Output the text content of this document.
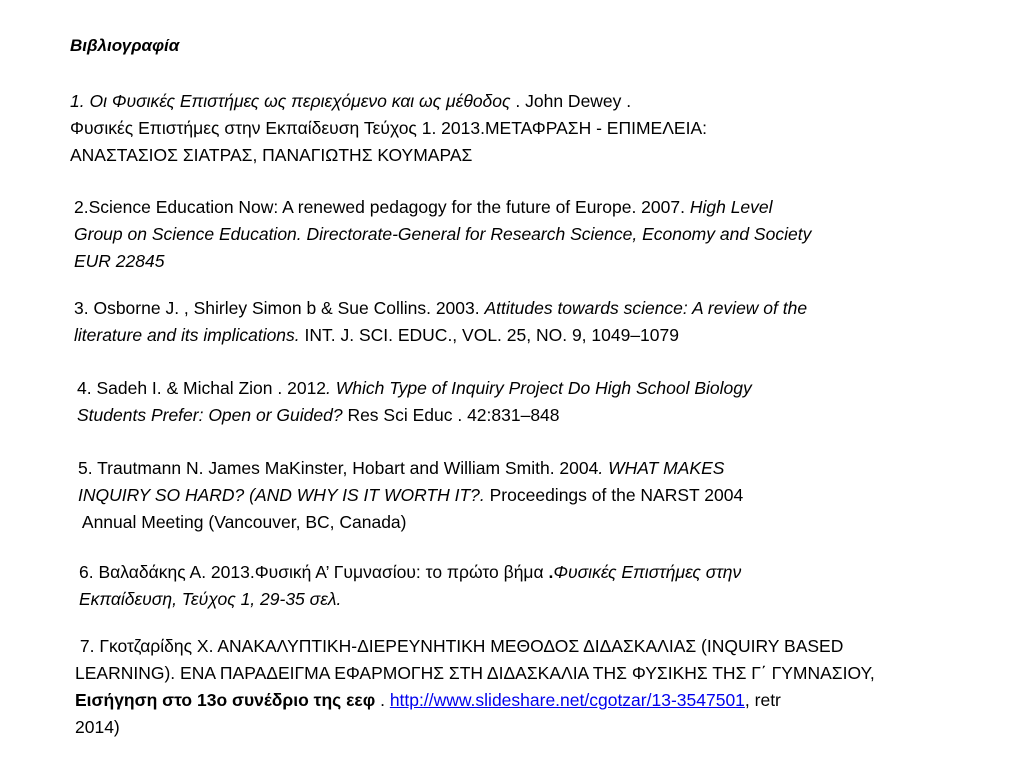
Βιβλιογραφία
1. Οι Φυσικές Επιστήμες ως περιεχόμενο και ως μέθοδος . John Dewey .
Φυσικές Επιστήμες στην Εκπαίδευση Τεύχος 1. 2013.ΜΕΤΑΦΡΑΣΗ - ΕΠΙΜΕΛΕΙΑ:
ΑΝΑΣΤΑΣΙΟΣ ΣΙΑΤΡΑΣ, ΠΑΝΑΓΙΩΤΗΣ ΚΟΥΜΑΡΑΣ
2.Science Education Now: A renewed pedagogy for the future of Europe. 2007. High Level
Group on Science Education. Directorate-General for Research Science, Economy and Society
EUR 22845
3. Osborne J. , Shirley Simon b & Sue Collins. 2003. Attitudes towards science: A review of the
literature and its implications. INT. J. SCI. EDUC., VOL. 25, NO. 9, 1049–1079
4. Sadeh I. & Michal Zion . 2012. Which Type of Inquiry Project Do High School Biology
Students Prefer: Open or Guided? Res Sci Educ . 42:831–848
5. Trautmann N. James MaKinster, Hobart and William Smith. 2004. WHAT MAKES
INQUIRY SO HARD? (AND WHY IS IT WORTH IT?. Proceedings of the NARST 2004
Annual Meeting (Vancouver, BC, Canada)
6. Βαλαδάκης Α. 2013.Φυσική Α’ Γυμνασίου: το πρώτο βήμα .Φυσικές Επιστήμες στην
Εκπαίδευση, Τεύχος 1, 29-35 σελ.
7. Γκοτζαρίδης Χ. ΑΝΑΚΑΛΥΠΤΙΚΗ-ΔΙΕΡΕΥΝΗΤΙΚΗ ΜΕΘΟΔΟΣ ΔΙΔΑΣΚΑΛΙΑΣ (INQUIRY BASED
LEARNING). ΕΝΑ ΠΑΡΑΔΕΙΓΜΑ ΕΦΑΡΜΟΓΗΣ ΣΤΗ ΔΙΔΑΣΚΑΛΙΑ ΤΗΣ ΦΥΣΙΚΗΣ ΤΗΣ Γ΄ ΓΥΜΝΑΣΙΟΥ,
Εισήγηση στο 13ο συνέδριο της εεφ . http://www.slideshare.net/cgotzar/13-3547501, retr
2014)
